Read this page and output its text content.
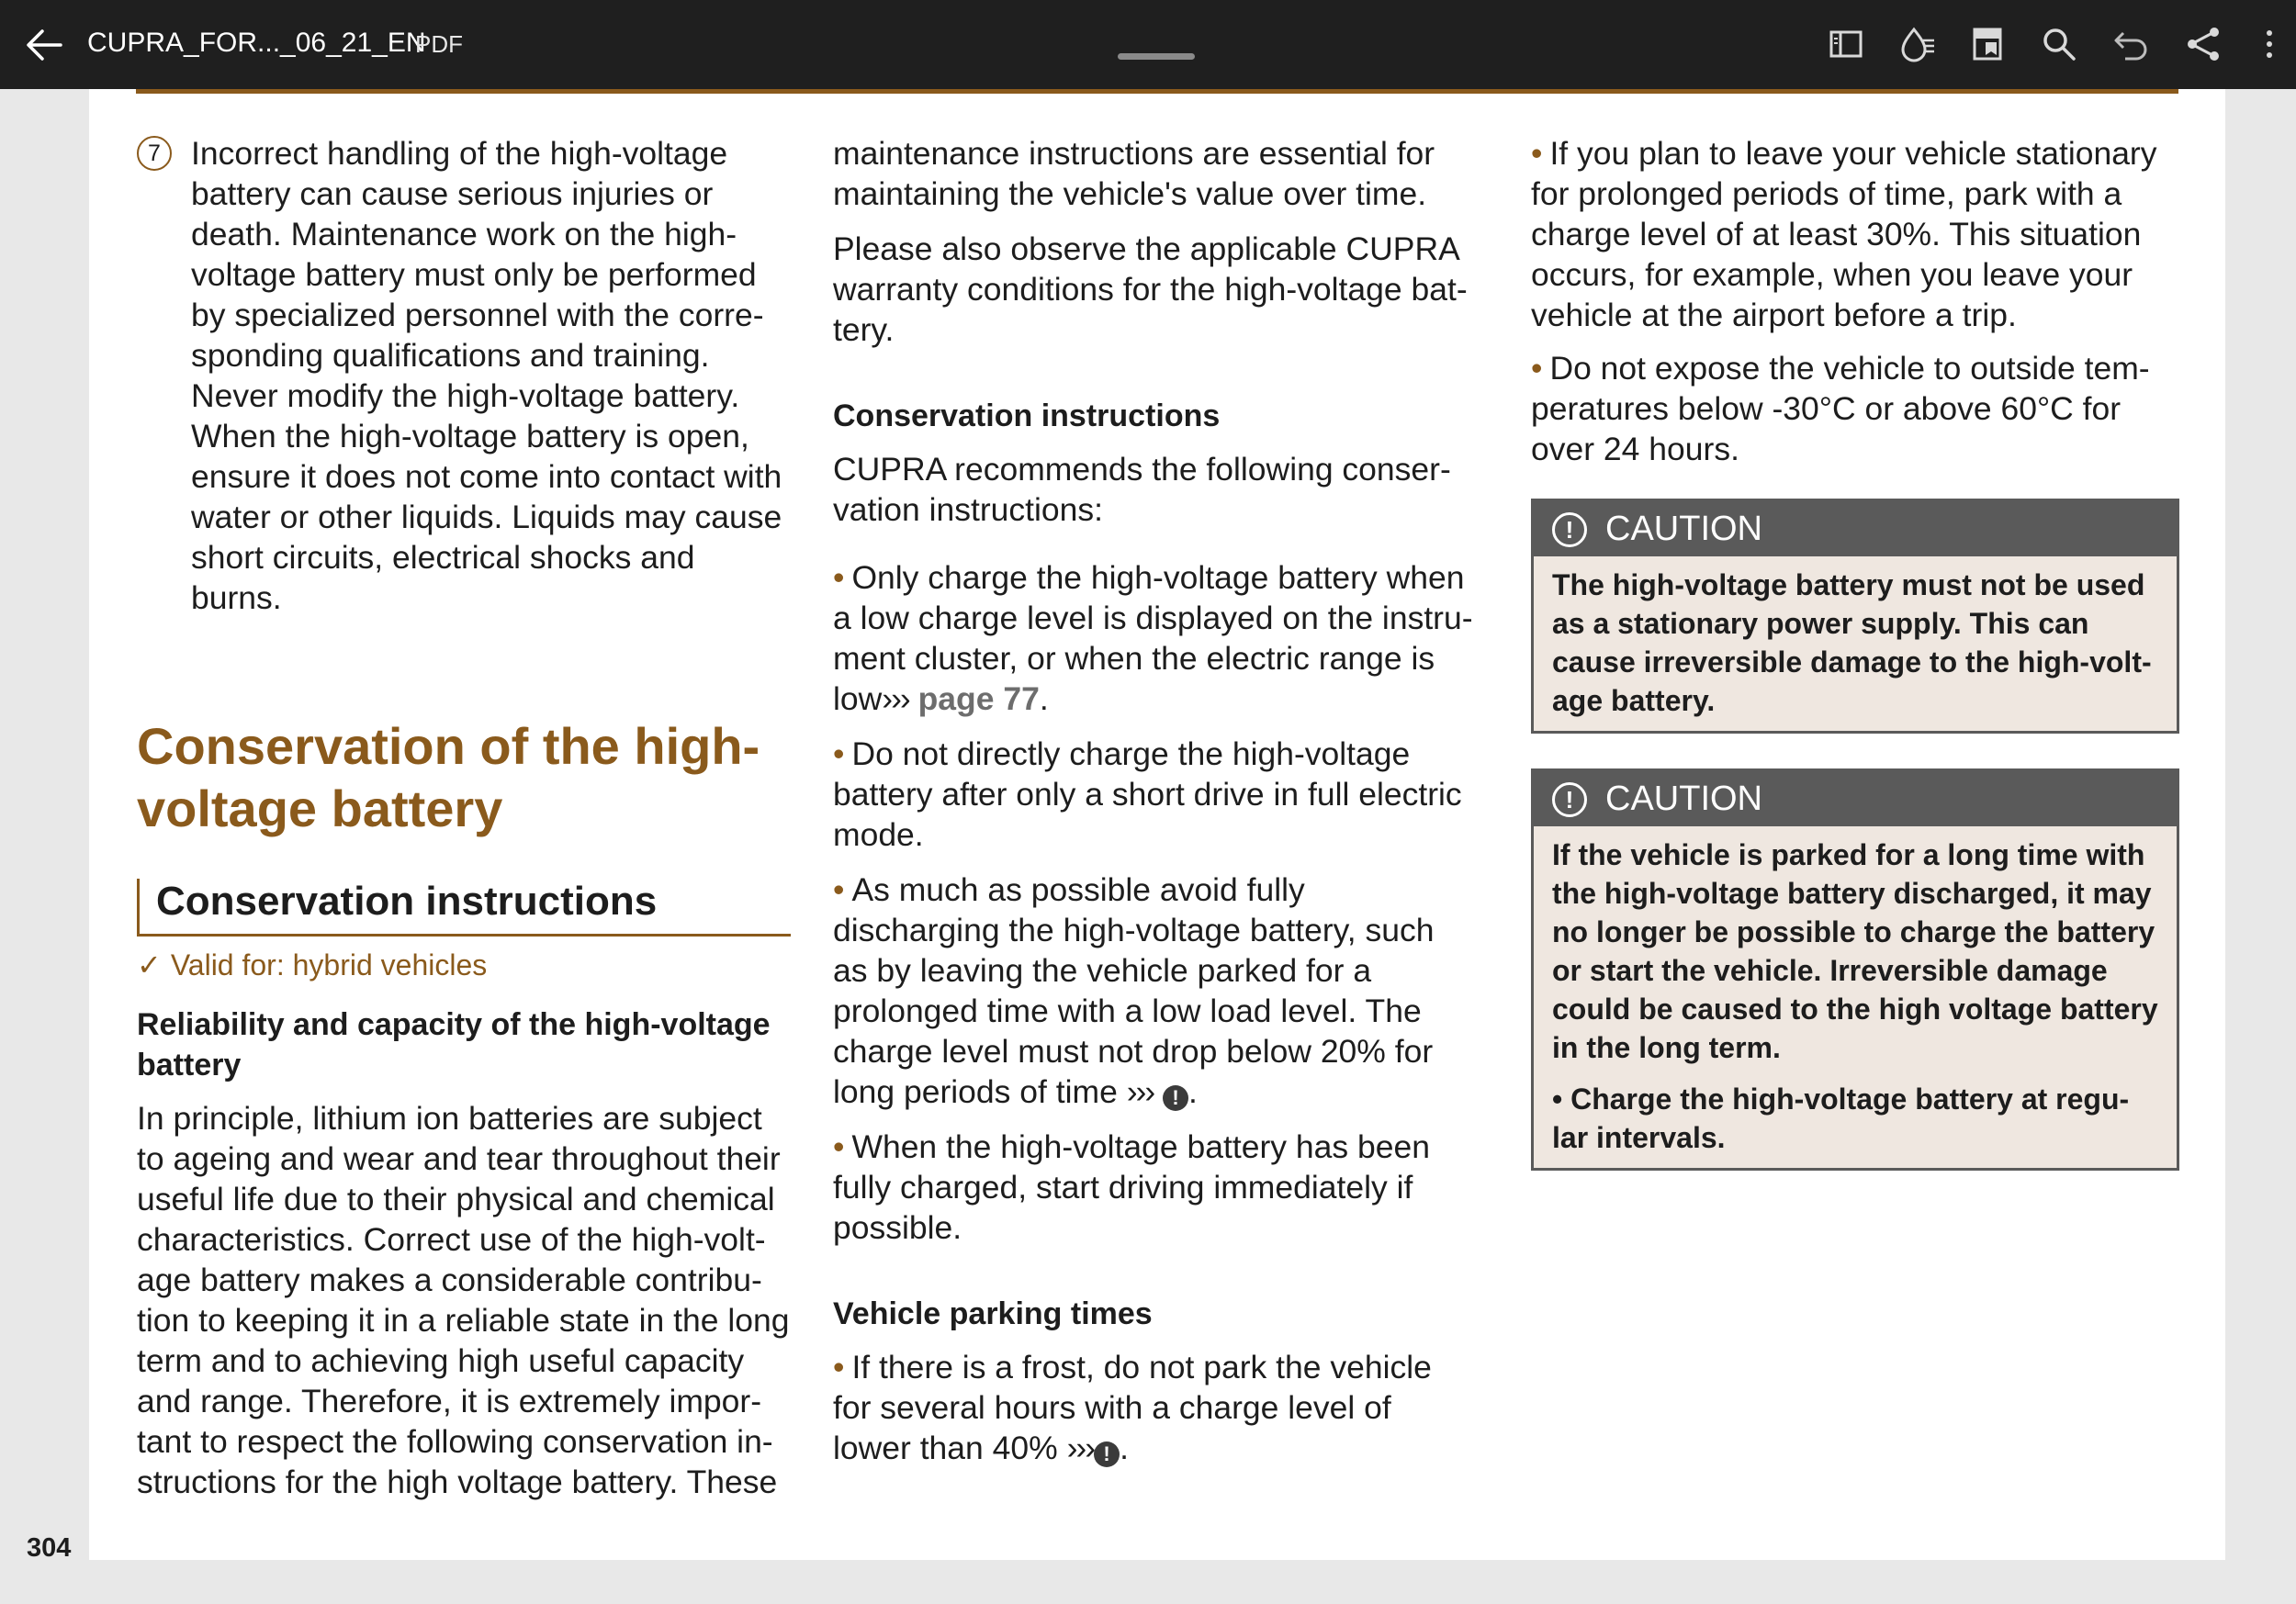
CUPRA_FOR..._06_21_EN
PDF
7 Incorrect handling of the high-voltage battery can cause serious injuries or death. Maintenance work on the high-voltage battery must only be performed by specialized personnel with the corre-sponding qualifications and training. Never modify the high-voltage battery. When the high-voltage battery is open, ensure it does not come into contact with water or other liquids. Liquids may cause short circuits, electrical shocks and burns.

Conservation of the high-voltage battery
Conservation instructions
✓ Valid for: hybrid vehicles
Reliability and capacity of the high-voltage battery

In principle, lithium ion batteries are subject to ageing and wear and tear throughout their useful life due to their physical and chemical characteristics. Correct use of the high-volt-age battery makes a considerable contribu-tion to keeping it in a reliable state in the long term and to achieving high useful capacity and range. Therefore, it is extremely impor-tant to respect the following conservation in-structions for the high voltage battery. These

maintenance instructions are essential for maintaining the vehicle's value over time.

Please also observe the applicable CUPRA warranty conditions for the high-voltage bat-tery.

Conservation instructions

CUPRA recommends the following conser-vation instructions:

• Only charge the high-voltage battery when a low charge level is displayed on the instru-ment cluster, or when the electric range is low››› page 77.

• Do not directly charge the high-voltage battery after only a short drive in full electric mode.

• As much as possible avoid fully discharging the high-voltage battery, such as by leaving the vehicle parked for a prolonged time with a low load level. The charge level must not drop below 20% for long periods of time ››› ! .

• When the high-voltage battery has been fully charged, start driving immediately if possible.

Vehicle parking times

• If there is a frost, do not park the vehicle for several hours with a charge level of lower than 40% ››› ! .

• If you plan to leave your vehicle stationary for prolonged periods of time, park with a charge level of at least 30%. This situation occurs, for example, when you leave your vehicle at the airport before a trip.

• Do not expose the vehicle to outside tem-peratures below -30°C or above 60°C for over 24 hours.

! CAUTION
The high-voltage battery must not be used as a stationary power supply. This can cause irreversible damage to the high-volt-age battery.
! CAUTION
If the vehicle is parked for a long time with the high-voltage battery discharged, it may no longer be possible to charge the battery or start the vehicle. Irreversible damage could be caused to the high voltage battery in the long term.
• Charge the high-voltage battery at regu-lar intervals.
304
